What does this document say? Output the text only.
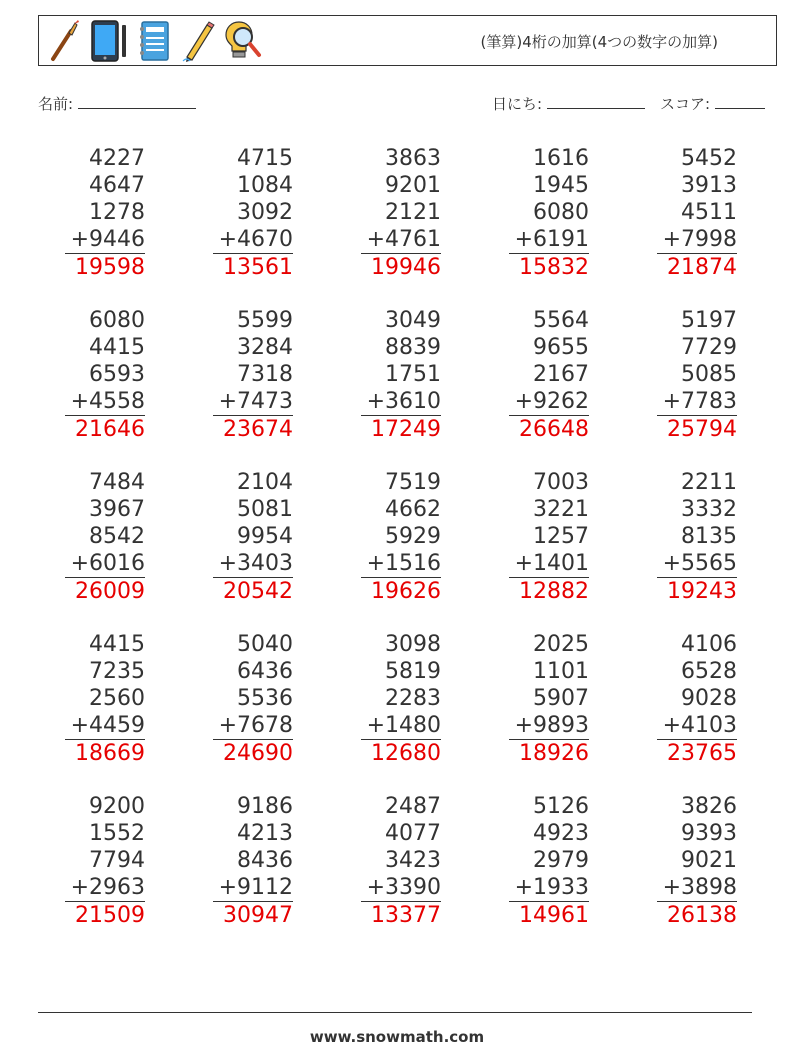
(筆算)4桁の加算(4つの数字の加算)
名前:	日にち:	スコア:
4227
4647
1278
+9446
19598
4715
1084
3092
+4670
13561
3863
9201
2121
+4761
19946
1616
1945
6080
+6191
15832
5452
3913
4511
+7998
21874
6080
4415
6593
+4558
21646
5599
3284
7318
+7473
23674
3049
8839
1751
+3610
17249
5564
9655
2167
+9262
26648
5197
7729
5085
+7783
25794
7484
3967
8542
+6016
26009
2104
5081
9954
+3403
20542
7519
4662
5929
+1516
19626
7003
3221
1257
+1401
12882
2211
3332
8135
+5565
19243
4415
7235
2560
+4459
18669
5040
6436
5536
+7678
24690
3098
5819
2283
+1480
12680
2025
1101
5907
+9893
18926
4106
6528
9028
+4103
23765
9200
1552
7794
+2963
21509
9186
4213
8436
+9112
30947
2487
4077
3423
+3390
13377
5126
4923
2979
+1933
14961
3826
9393
9021
+3898
26138
www.snowmath.com
